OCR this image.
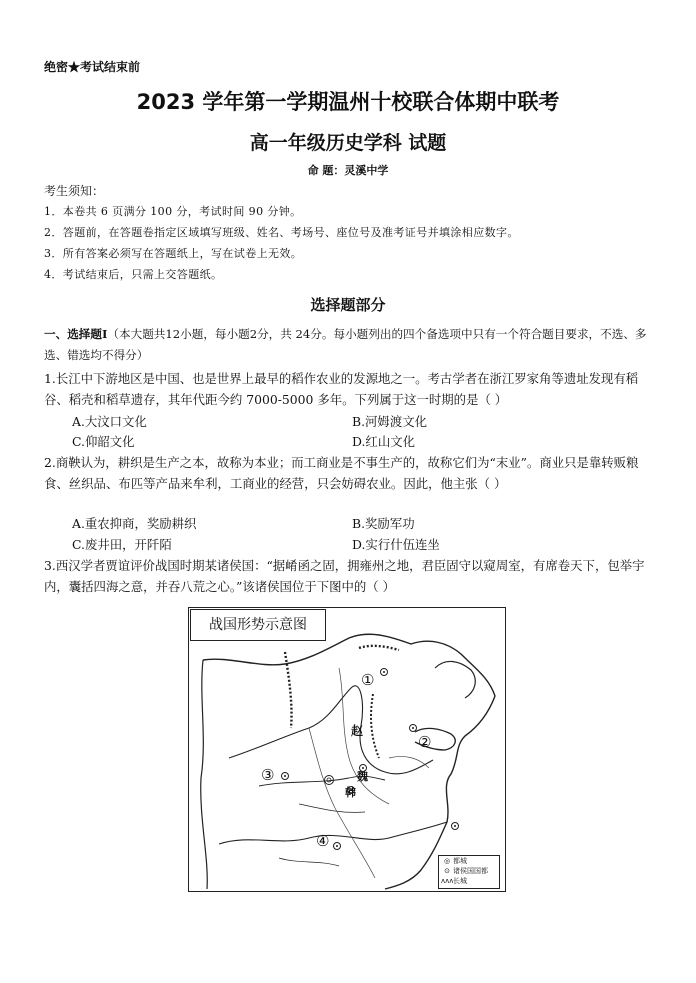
绝密★考试结束前
2023 学年第一学期温州十校联合体期中联考
高一年级历史学科 试题
命 题：灵溪中学
考生须知：
1．本卷共 6 页满分 100 分，考试时间 90 分钟。
2．答题前，在答题卷指定区域填写班级、姓名、考场号、座位号及准考证号并填涂相应数字。
3．所有答案必须写在答题纸上，写在试卷上无效。
4．考试结束后，只需上交答题纸。
选择题部分
一、选择题Ⅰ（本大题共12小题，每小题2分，共 24分。每小题列出的四个备选项中只有一个符合题目要求，不选、多选、错选均不得分）
1.长江中下游地区是中国、也是世界上最早的稻作农业的发源地之一。考古学者在浙江罗家角等遗址发现有稻谷、稻壳和稻草遗存，其年代距今约 7000-5000 多年。下列属于这一时期的是（ ）
A.大汶口文化	B.河姆渡文化
C.仰韶文化	D.红山文化
2.商鞅认为，耕织是生产之本，故称为本业；而工商业是不事生产的，故称它们为“末业”。商业只是靠转贩粮食、丝织品、布匹等产品来牟利，工商业的经营，只会妨碍农业。因此，他主张（ ）
A.重农抑商，奖励耕织	B.奖励军功
C.废井田，开阡陌	D.实行什伍连坐
3.西汉学者贾谊评价战国时期某诸侯国：“据崤函之固，拥雍州之地，君臣固守以窥周室，有席卷天下，包举宇内，囊括四海之意，并吞八荒之心。”该诸侯国位于下图中的（ ）
战国形势示意图
①
②
③
④
赵
魏
韩
◎ 都城
⊙ 诸侯国国都
ʌʌʌ长城
